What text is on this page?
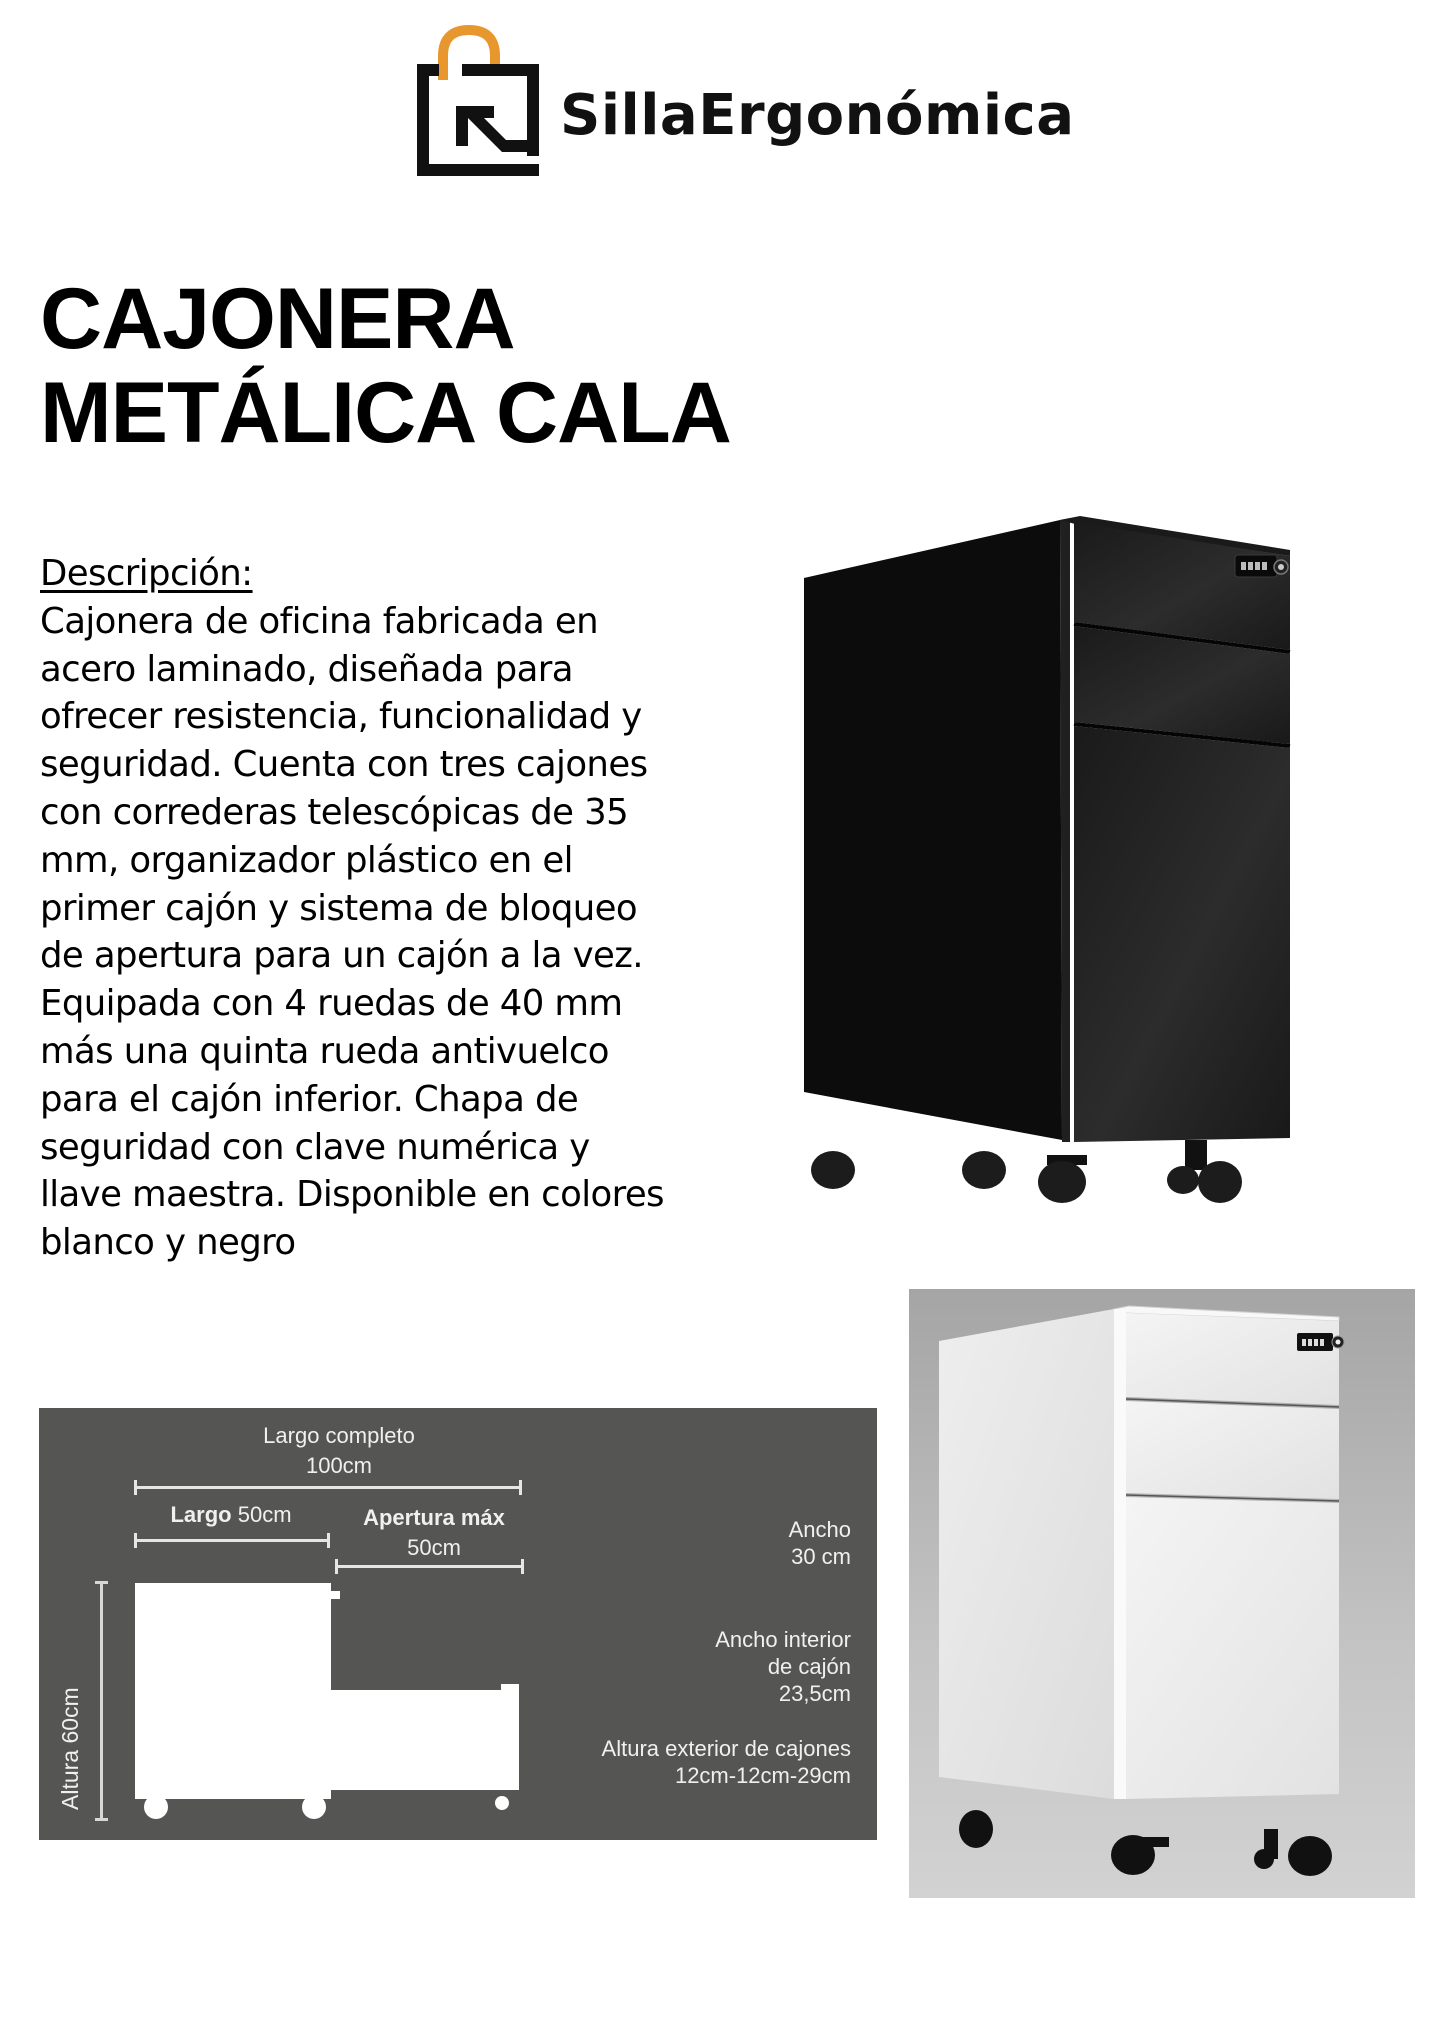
SillaErgonómica
CAJONERA
METÁLICA CALA
Descripción:
Cajonera de oficina fabricada en
acero laminado, diseñada para
ofrecer resistencia, funcionalidad y
seguridad. Cuenta con tres cajones
con correderas telescópicas de 35
mm, organizador plástico en el
primer cajón y sistema de bloqueo
de apertura para un cajón a la vez.
Equipada con 4 ruedas de 40 mm
más una quinta rueda antivuelco
para el cajón inferior. Chapa de
seguridad con clave numérica y
llave maestra. Disponible en colores
blanco y negro
Largo completo
100cm
Largo 50cm	Apertura máx
50cm
Altura 60cm
Ancho
30 cm
Ancho interior
de cajón
23,5cm
Altura exterior de cajones
12cm-12cm-29cm
